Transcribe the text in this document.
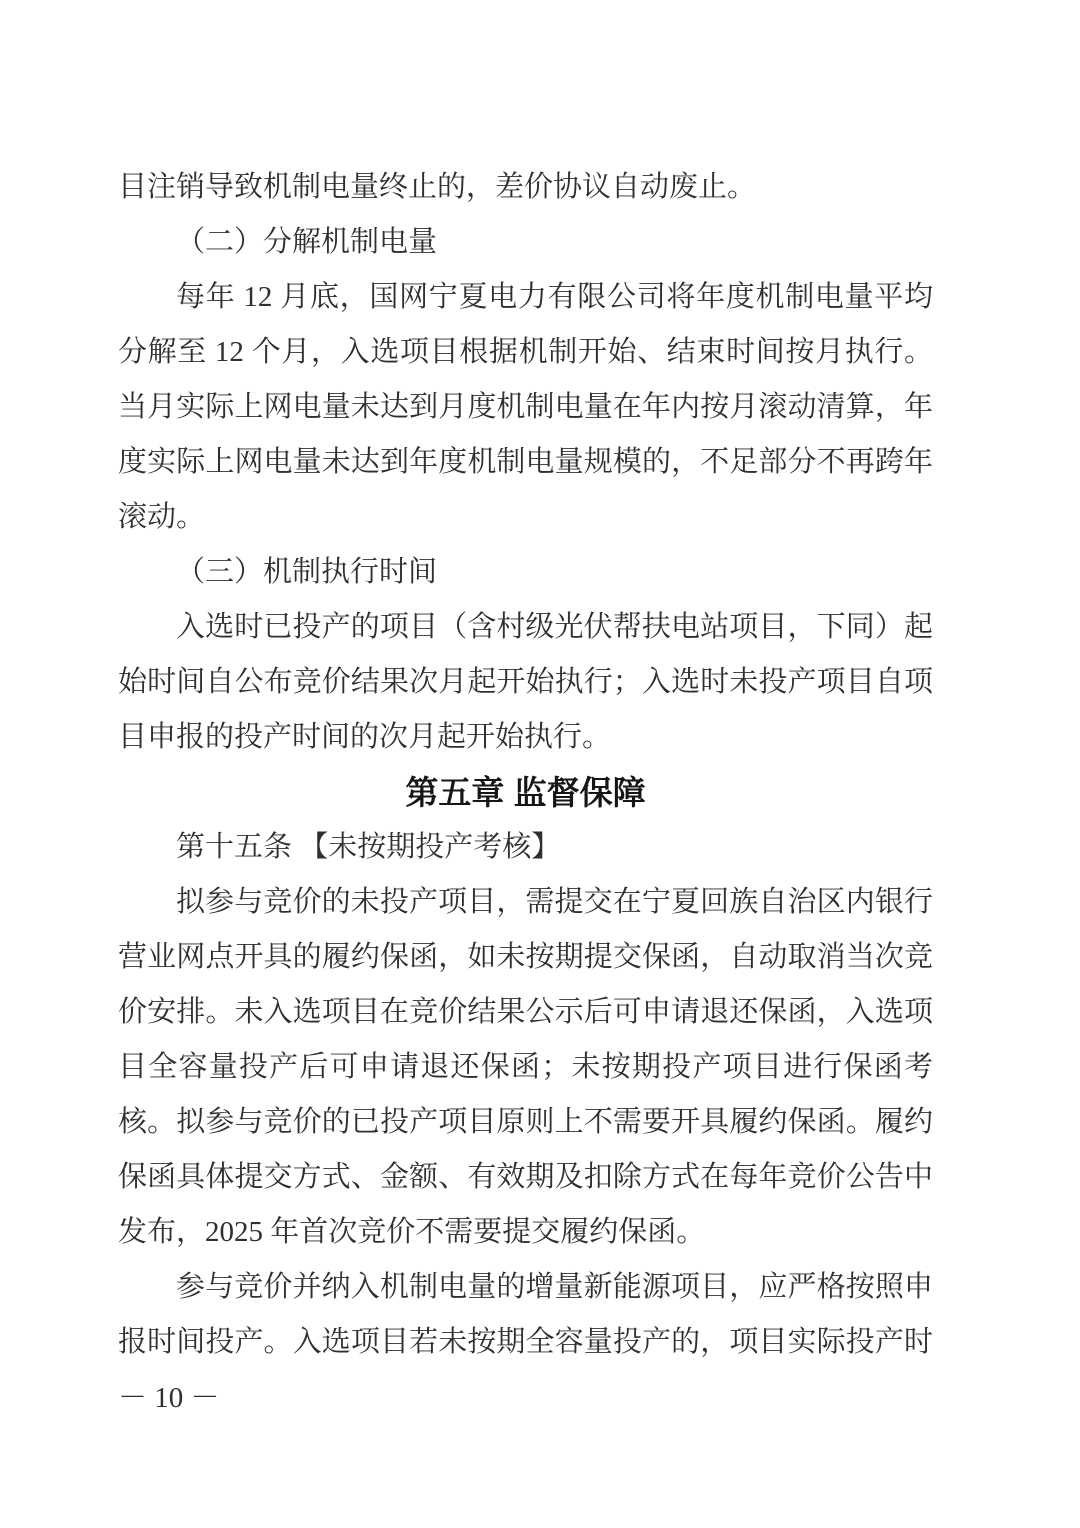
目注销导致机制电量终止的，差价协议自动废止。
（二）分解机制电量
每年 12 月底，国网宁夏电力有限公司将年度机制电量平均
分解至 12 个月，入选项目根据机制开始、结束时间按月执行。
当月实际上网电量未达到月度机制电量在年内按月滚动清算，年
度实际上网电量未达到年度机制电量规模的，不足部分不再跨年
滚动。
（三）机制执行时间
入选时已投产的项目（含村级光伏帮扶电站项目，下同）起
始时间自公布竞价结果次月起开始执行；入选时未投产项目自项
目申报的投产时间的次月起开始执行。
第五章 监督保障
第十五条 【未按期投产考核】
拟参与竞价的未投产项目，需提交在宁夏回族自治区内银行
营业网点开具的履约保函，如未按期提交保函，自动取消当次竞
价安排。未入选项目在竞价结果公示后可申请退还保函，入选项
目全容量投产后可申请退还保函；未按期投产项目进行保函考
核。拟参与竞价的已投产项目原则上不需要开具履约保函。履约
保函具体提交方式、金额、有效期及扣除方式在每年竞价公告中
发布，2025 年首次竞价不需要提交履约保函。
参与竞价并纳入机制电量的增量新能源项目，应严格按照申
报时间投产。入选项目若未按期全容量投产的，项目实际投产时
－ 10 －
